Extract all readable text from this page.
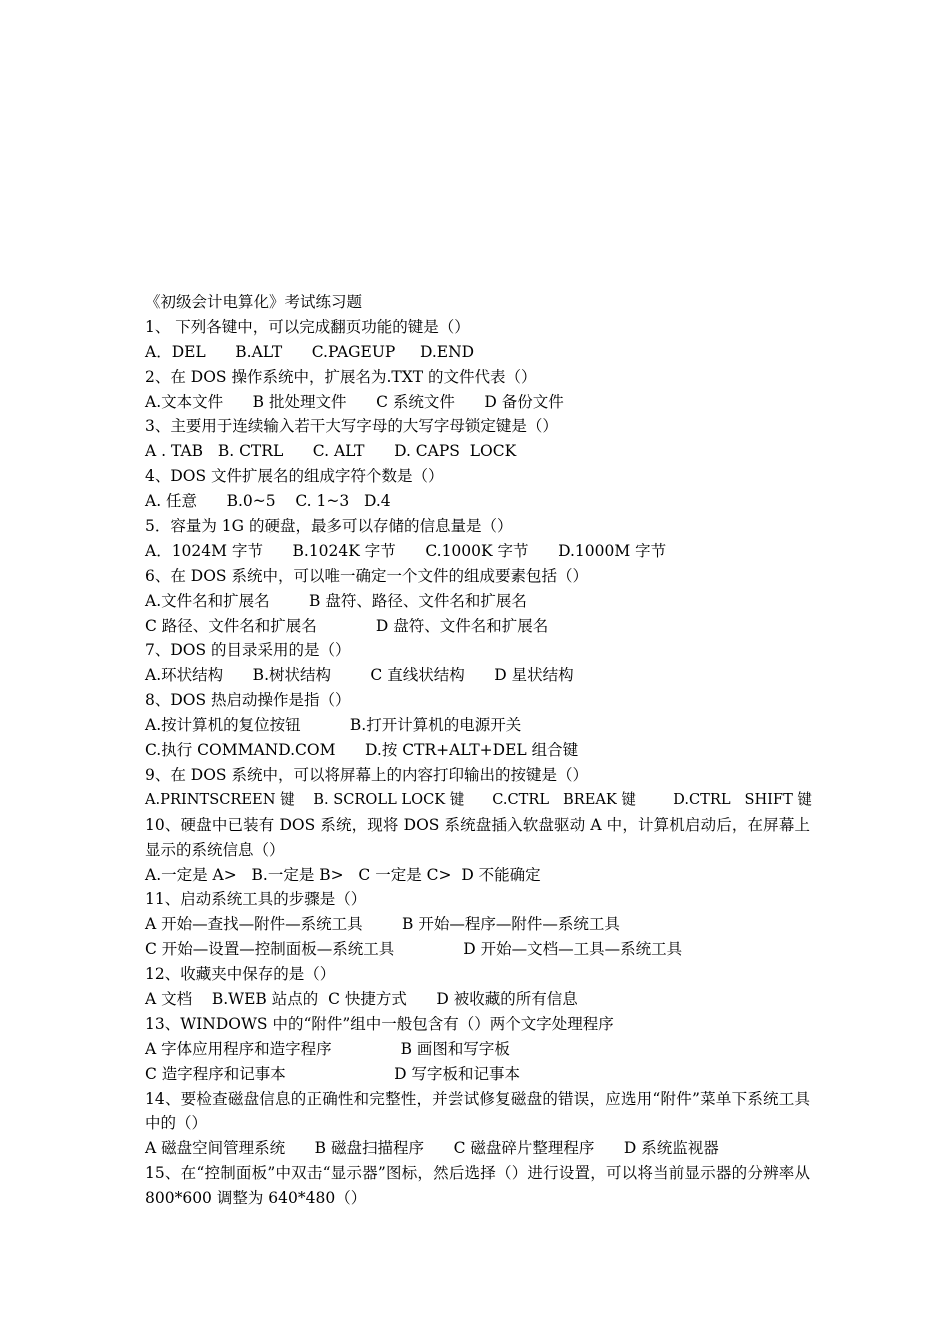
《初级会计电算化》考试练习题
1、 下列各键中，可以完成翻页功能的键是（）
A．DEL      B.ALT      C.PAGEUP     D.END
2、在 DOS 操作系统中，扩展名为.TXT 的文件代表（）
A.文本文件      B 批处理文件      C 系统文件      D 备份文件
3、主要用于连续输入若干大写字母的大写字母锁定键是（）
A . TAB   B. CTRL      C. ALT      D. CAPS  LOCK
4、DOS 文件扩展名的组成字符个数是（）
A. 任意      B.0~5    C. 1~3   D.4
5．容量为 1G 的硬盘，最多可以存储的信息量是（）
A．1024M 字节      B.1024K 字节      C.1000K 字节      D.1000M 字节
6、在 DOS 系统中，可以唯一确定一个文件的组成要素包括（）
A.文件名和扩展名        B 盘符、路径、文件名和扩展名
C 路径、文件名和扩展名            D 盘符、文件名和扩展名
7、DOS 的目录采用的是（）
A.环状结构      B.树状结构        C 直线状结构      D 星状结构
8、DOS 热启动操作是指（）
A.按计算机的复位按钮          B.打开计算机的电源开关
C.执行 COMMAND.COM      D.按 CTR+ALT+DEL 组合键
9、在 DOS 系统中，可以将屏幕上的内容打印输出的按键是（）
A.PRINTSCREEN 键    B. SCROLL LOCK 键      C.CTRL   BREAK 键        D.CTRL   SHIFT 键
10、硬盘中已装有 DOS 系统，现将 DOS 系统盘插入软盘驱动 A 中，计算机启动后，在屏幕上显示的系统信息（）
A.一定是 A>   B.一定是 B>   C 一定是 C>  D 不能确定
11、启动系统工具的步骤是（）
A 开始—查找—附件—系统工具        B 开始—程序—附件—系统工具
C 开始—设置—控制面板—系统工具              D 开始—文档—工具—系统工具
12、收藏夹中保存的是（）
A 文档    B.WEB 站点的  C 快捷方式      D 被收藏的所有信息
13、WINDOWS 中的“附件”组中一般包含有（）两个文字处理程序
A 字体应用程序和造字程序              B 画图和写字板
C 造字程序和记事本                      D 写字板和记事本
14、要检查磁盘信息的正确性和完整性，并尝试修复磁盘的错误，应选用“附件”菜单下系统工具中的（）
A 磁盘空间管理系统      B 磁盘扫描程序      C 磁盘碎片整理程序      D 系统监视器
15、在“控制面板”中双击“显示器”图标，然后选择（）进行设置，可以将当前显示器的分辨率从 800*600 调整为 640*480（）
